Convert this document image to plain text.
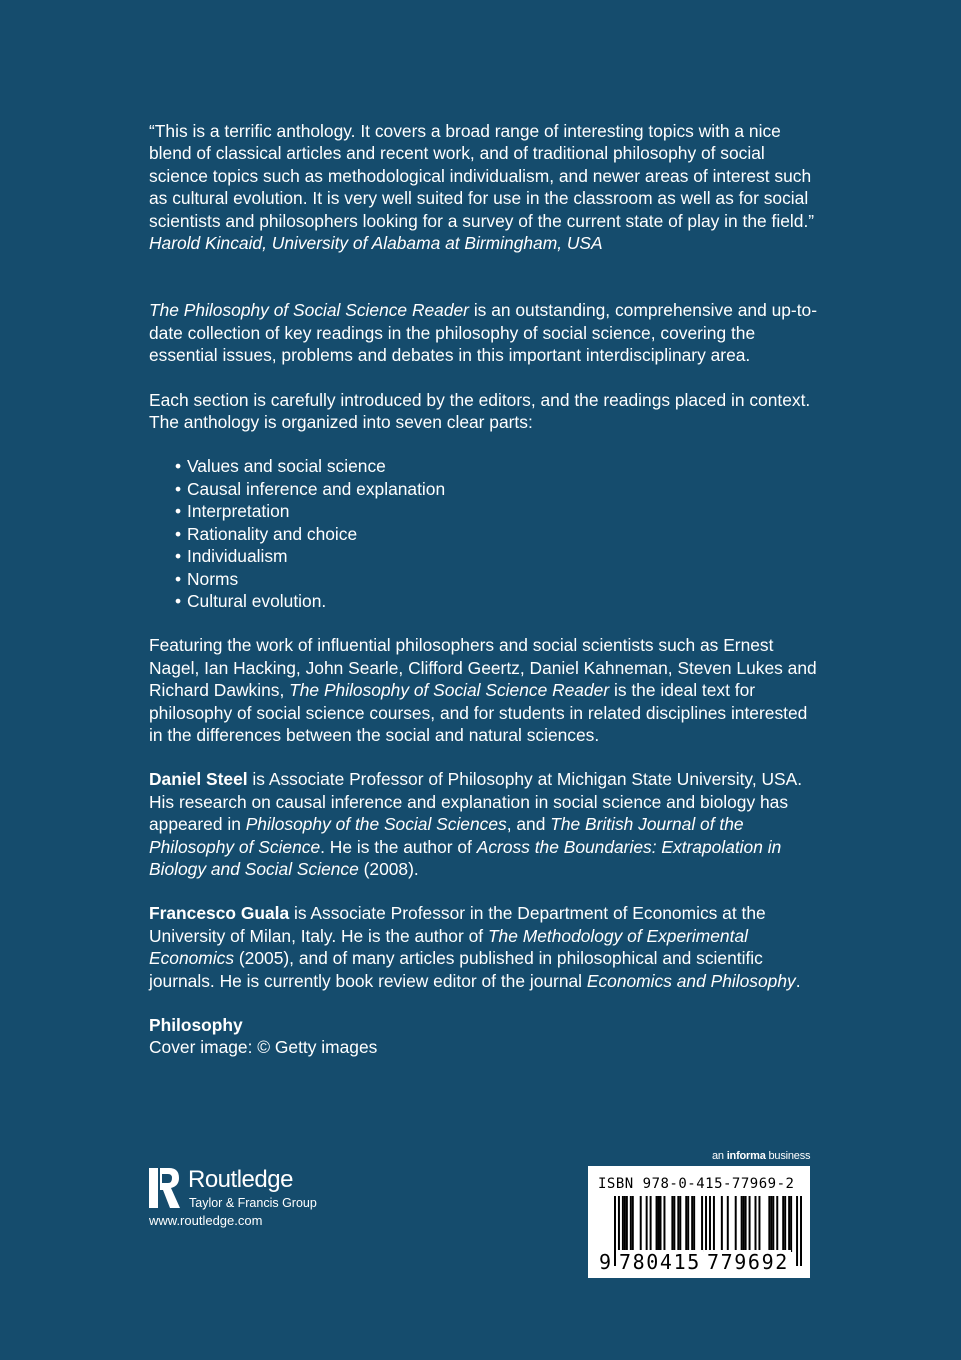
“This is a terrific anthology. It covers a broad range of interesting topics with a nice blend of classical articles and recent work, and of traditional philosophy of social science topics such as methodological individualism, and newer areas of interest such as cultural evolution. It is very well suited for use in the classroom as well as for social scientists and philosophers looking for a survey of the current state of play in the field.”
Harold Kincaid, University of Alabama at Birmingham, USA

The Philosophy of Social Science Reader is an outstanding, comprehensive and up-to-date collection of key readings in the philosophy of social science, covering the essential issues, problems and debates in this important interdisciplinary area.

Each section is carefully introduced by the editors, and the readings placed in context. The anthology is organized into seven clear parts:

• Values and social science
• Causal inference and explanation
• Interpretation
• Rationality and choice
• Individualism
• Norms
• Cultural evolution.

Featuring the work of influential philosophers and social scientists such as Ernest Nagel, Ian Hacking, John Searle, Clifford Geertz, Daniel Kahneman, Steven Lukes and Richard Dawkins, The Philosophy of Social Science Reader is the ideal text for philosophy of social science courses, and for students in related disciplines interested in the differences between the social and natural sciences.

Daniel Steel is Associate Professor of Philosophy at Michigan State University, USA. His research on causal inference and explanation in social science and biology has appeared in Philosophy of the Social Sciences, and The British Journal of the Philosophy of Science. He is the author of Across the Boundaries: Extrapolation in Biology and Social Science (2008).

Francesco Guala is Associate Professor in the Department of Economics at the University of Milan, Italy. He is the author of The Methodology of Experimental Economics (2005), and of many articles published in philosophical and scientific journals. He is currently book review editor of the journal Economics and Philosophy.

Philosophy

Cover image: © Getty images

Routledge
Taylor & Francis Group
www.routledge.com
an informa business
ISBN 978-0-415-77969-2
9 780415 779692
